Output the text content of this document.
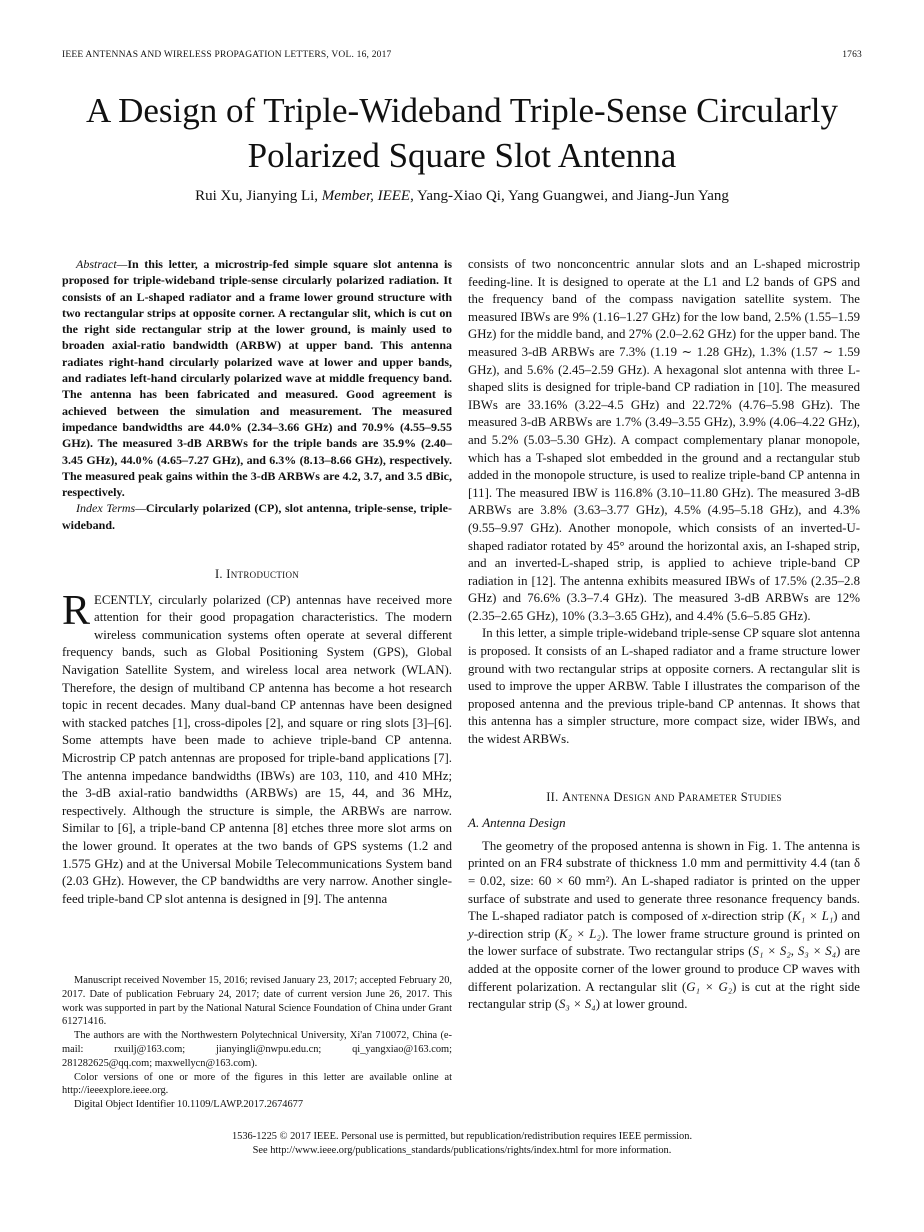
IEEE ANTENNAS AND WIRELESS PROPAGATION LETTERS, VOL. 16, 2017	1763
A Design of Triple-Wideband Triple-Sense Circularly
Polarized Square Slot Antenna
Rui Xu, Jianying Li, Member, IEEE, Yang-Xiao Qi, Yang Guangwei, and Jiang-Jun Yang

Abstract—In this letter, a microstrip-fed simple square slot antenna is proposed for triple-wideband triple-sense circularly polarized radiation. It consists of an L-shaped radiator and a frame lower ground structure with two rectangular strips at opposite corner. A rectangular slit, which is cut on the right side rectangular strip at the lower ground, is mainly used to broaden axial-ratio bandwidth (ARBW) at upper band. This antenna radiates right-hand circularly polarized wave at lower and upper bands, and radiates left-hand circularly polarized wave at middle frequency band. The antenna has been fabricated and measured. Good agreement is achieved between the simulation and measurement. The measured impedance bandwidths are 44.0% (2.34–3.66 GHz) and 70.9% (4.55–9.55 GHz). The measured 3-dB ARBWs for the triple bands are 35.9% (2.40–3.45 GHz), 44.0% (4.65–7.27 GHz), and 6.3% (8.13–8.66 GHz), respectively. The measured peak gains within the 3-dB ARBWs are 4.2, 3.7, and 3.5 dBic, respectively.

Index Terms—Circularly polarized (CP), slot antenna, triple-sense, triple-wideband.

I. Introduction

RECENTLY, circularly polarized (CP) antennas have received more attention for their good propagation characteristics. The modern wireless communication systems often operate at several different frequency bands, such as Global Positioning System (GPS), Global Navigation Satellite System, and wireless local area network (WLAN). Therefore, the design of multiband CP antenna has become a hot research topic in recent decades. Many dual-band CP antennas have been designed with stacked patches [1], cross-dipoles [2], and square or ring slots [3]–[6]. Some attempts have been made to achieve triple-band CP antenna. Microstrip CP patch antennas are proposed for triple-band applications [7]. The antenna impedance bandwidths (IBWs) are 103, 110, and 410 MHz; the 3-dB axial-ratio bandwidths (ARBWs) are 15, 44, and 36 MHz, respectively. Although the structure is simple, the ARBWs are narrow. Similar to [6], a triple-band CP antenna [8] etches three more slot arms on the lower ground. It operates at the two bands of GPS systems (1.2 and 1.575 GHz) and at the Universal Mobile Telecommunications System band (2.03 GHz). However, the CP bandwidths are very narrow. Another single-feed triple-band CP slot antenna is designed in [9]. The antenna

Manuscript received November 15, 2016; revised January 23, 2017; accepted February 20, 2017. Date of publication February 24, 2017; date of current version June 26, 2017. This work was supported in part by the National Natural Science Foundation of China under Grant 61271416.

The authors are with the Northwestern Polytechnical University, Xi'an 710072, China (e-mail: rxuilj@163.com; jianyingli@nwpu.edu.cn; qi_yangxiao@163.com; 281282625@qq.com; maxwellycn@163.com).

Color versions of one or more of the figures in this letter are available online at http://ieeexplore.ieee.org.

Digital Object Identifier 10.1109/LAWP.2017.2674677

consists of two nonconcentric annular slots and an L-shaped microstrip feeding-line. It is designed to operate at the L1 and L2 bands of GPS and the frequency band of the compass navigation satellite system. The measured IBWs are 9% (1.16–1.27 GHz) for the low band, 2.5% (1.55–1.59 GHz) for the middle band, and 27% (2.0–2.62 GHz) for the upper band. The measured 3-dB ARBWs are 7.3% (1.19 ∼ 1.28 GHz), 1.3% (1.57 ∼ 1.59 GHz), and 5.6% (2.45–2.59 GHz). A hexagonal slot antenna with three L-shaped slits is designed for triple-band CP radiation in [10]. The measured IBWs are 33.16% (3.22–4.5 GHz) and 22.72% (4.76–5.98 GHz). The measured 3-dB ARBWs are 1.7% (3.49–3.55 GHz), 3.9% (4.06–4.22 GHz), and 5.2% (5.03–5.30 GHz). A compact complementary planar monopole, which has a T-shaped slot embedded in the ground and a rectangular stub added in the monopole structure, is used to realize triple-band CP antenna in [11]. The measured IBW is 116.8% (3.10–11.80 GHz). The measured 3-dB ARBWs are 3.8% (3.63–3.77 GHz), 4.5% (4.95–5.18 GHz), and 4.3% (9.55–9.97 GHz). Another monopole, which consists of an inverted-U-shaped radiator rotated by 45° around the horizontal axis, an I-shaped strip, and an inverted-L-shaped strip, is applied to achieve triple-band CP radiation in [12]. The antenna exhibits measured IBWs of 17.5% (2.35–2.8 GHz) and 76.6% (3.3–7.4 GHz). The measured 3-dB ARBWs are 12% (2.35–2.65 GHz), 10% (3.3–3.65 GHz), and 4.4% (5.6–5.85 GHz).

In this letter, a simple triple-wideband triple-sense CP square slot antenna is proposed. It consists of an L-shaped radiator and a frame structure lower ground with two rectangular strips at opposite corners. A rectangular slit is used to improve the upper ARBW. Table I illustrates the comparison of the proposed antenna and the previous triple-band CP antennas. It shows that this antenna has a simpler structure, more compact size, wider IBWs, and the widest ARBWs.

II. Antenna Design and Parameter Studies
A. Antenna Design

The geometry of the proposed antenna is shown in Fig. 1. The antenna is printed on an FR4 substrate of thickness 1.0 mm and permittivity 4.4 (tan δ = 0.02, size: 60 × 60 mm²). An L-shaped radiator is printed on the upper surface of substrate and used to generate three resonance frequency bands. The L-shaped radiator patch is composed of x-direction strip (K₁ × L₁) and y-direction strip (K₂ × L₂). The lower frame structure ground is printed on the lower surface of substrate. Two rectangular strips (S₁ × S₂, S₃ × S₄) are added at the opposite corner of the lower ground to produce CP waves with different polarization. A rectangular slit (G₁ × G₂) is cut at the right side rectangular strip (S₃ × S₄) at lower ground.

1536-1225 © 2017 IEEE. Personal use is permitted, but republication/redistribution requires IEEE permission.
See http://www.ieee.org/publications_standards/publications/rights/index.html for more information.
